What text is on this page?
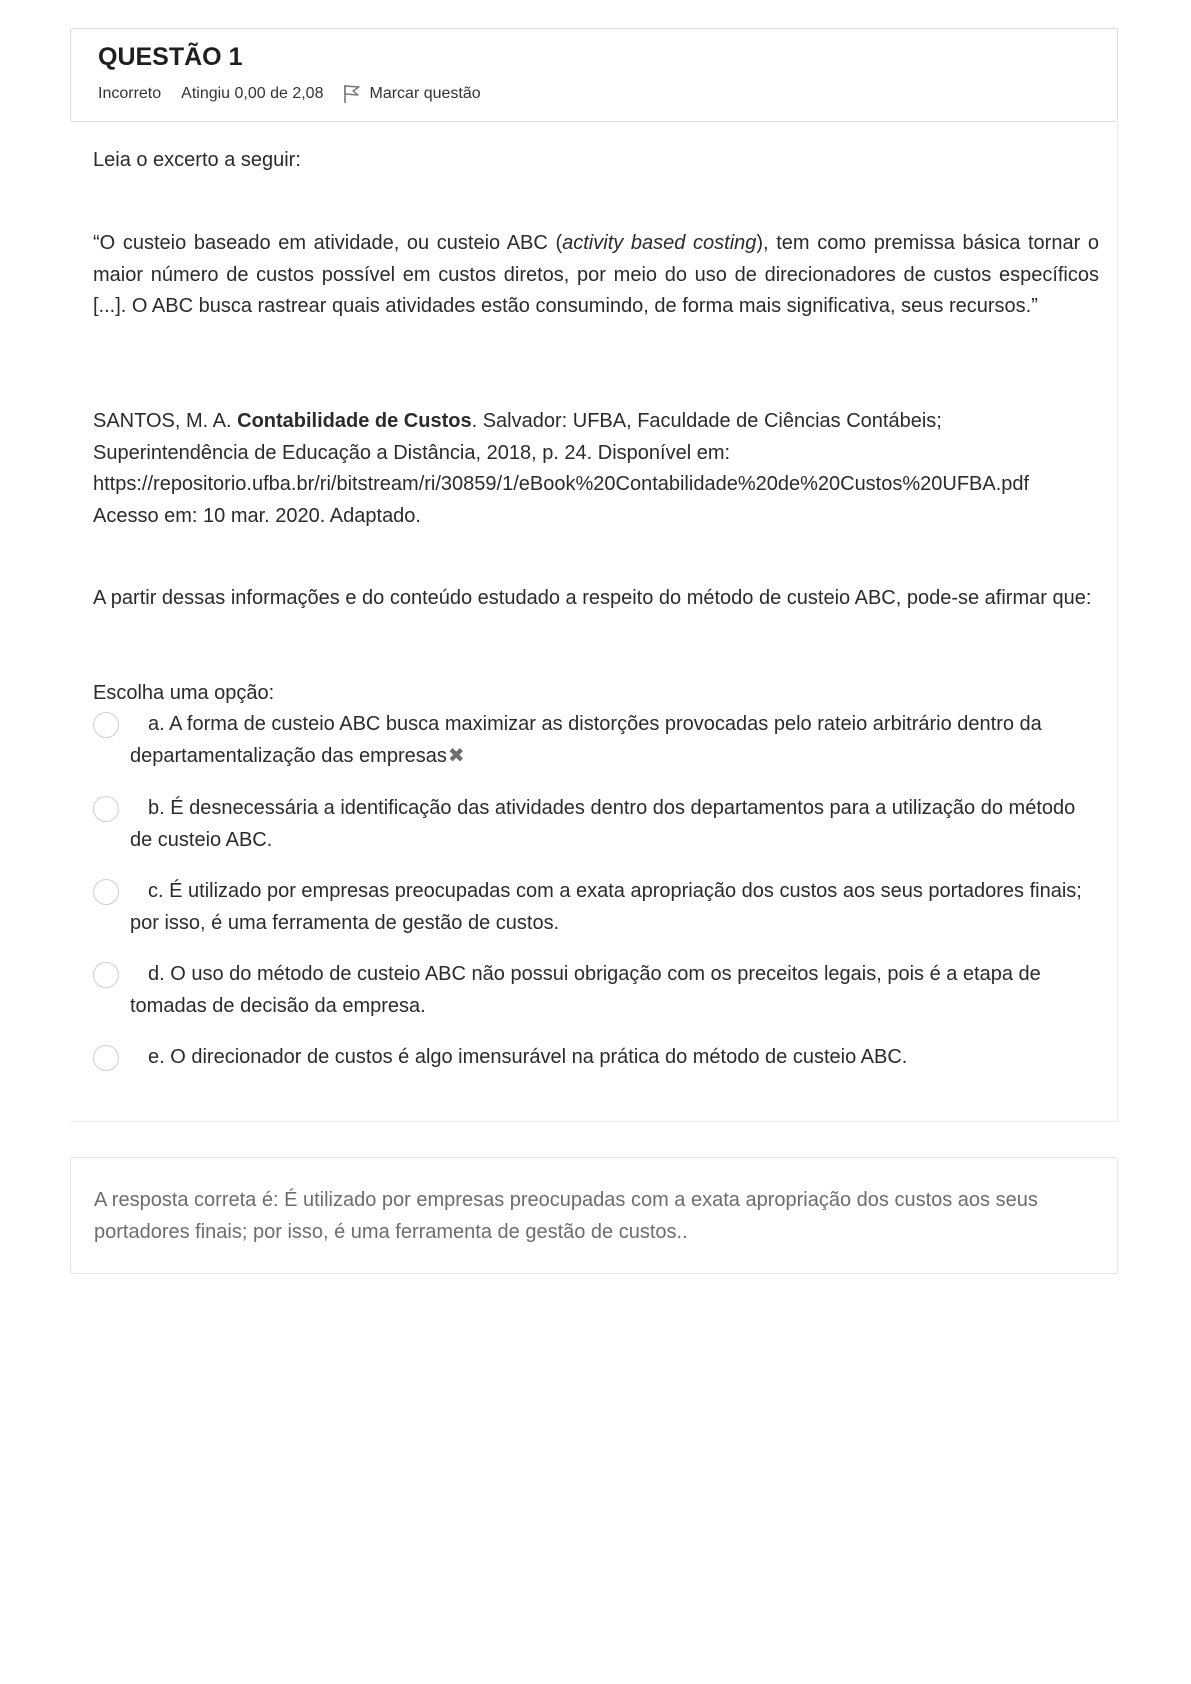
QUESTÃO 1
Incorreto Atingiu 0,00 de 2,08	Marcar questão
Leia o excerto a seguir:
“O custeio baseado em atividade, ou custeio ABC (activity based costing), tem como premissa básica tornar o maior número de custos possível em custos diretos, por meio do uso de direcionadores de custos específicos [...]. O ABC busca rastrear quais atividades estão consumindo, de forma mais significativa, seus recursos.”
SANTOS, M. A. Contabilidade de Custos. Salvador: UFBA, Faculdade de Ciências Contábeis;
Superintendência de Educação a Distância, 2018, p. 24. Disponível em:
https://repositorio.ufba.br/ri/bitstream/ri/30859/1/eBook%20Contabilidade%20de%20Custos%20UFBA.pdf
Acesso em: 10 mar. 2020. Adaptado.
A partir dessas informações e do conteúdo estudado a respeito do método de custeio ABC, pode-se afirmar que:
Escolha uma opção:
a. A forma de custeio ABC busca maximizar as distorções provocadas pelo rateio arbitrário dentro da departamentalização das empresas✖
b. É desnecessária a identificação das atividades dentro dos departamentos para a utilização do método de custeio ABC.
c. É utilizado por empresas preocupadas com a exata apropriação dos custos aos seus portadores finais; por isso, é uma ferramenta de gestão de custos.
d. O uso do método de custeio ABC não possui obrigação com os preceitos legais, pois é a etapa de tomadas de decisão da empresa.
e. O direcionador de custos é algo imensurável na prática do método de custeio ABC.
A resposta correta é: É utilizado por empresas preocupadas com a exata apropriação dos custos aos seus portadores finais; por isso, é uma ferramenta de gestão de custos..
